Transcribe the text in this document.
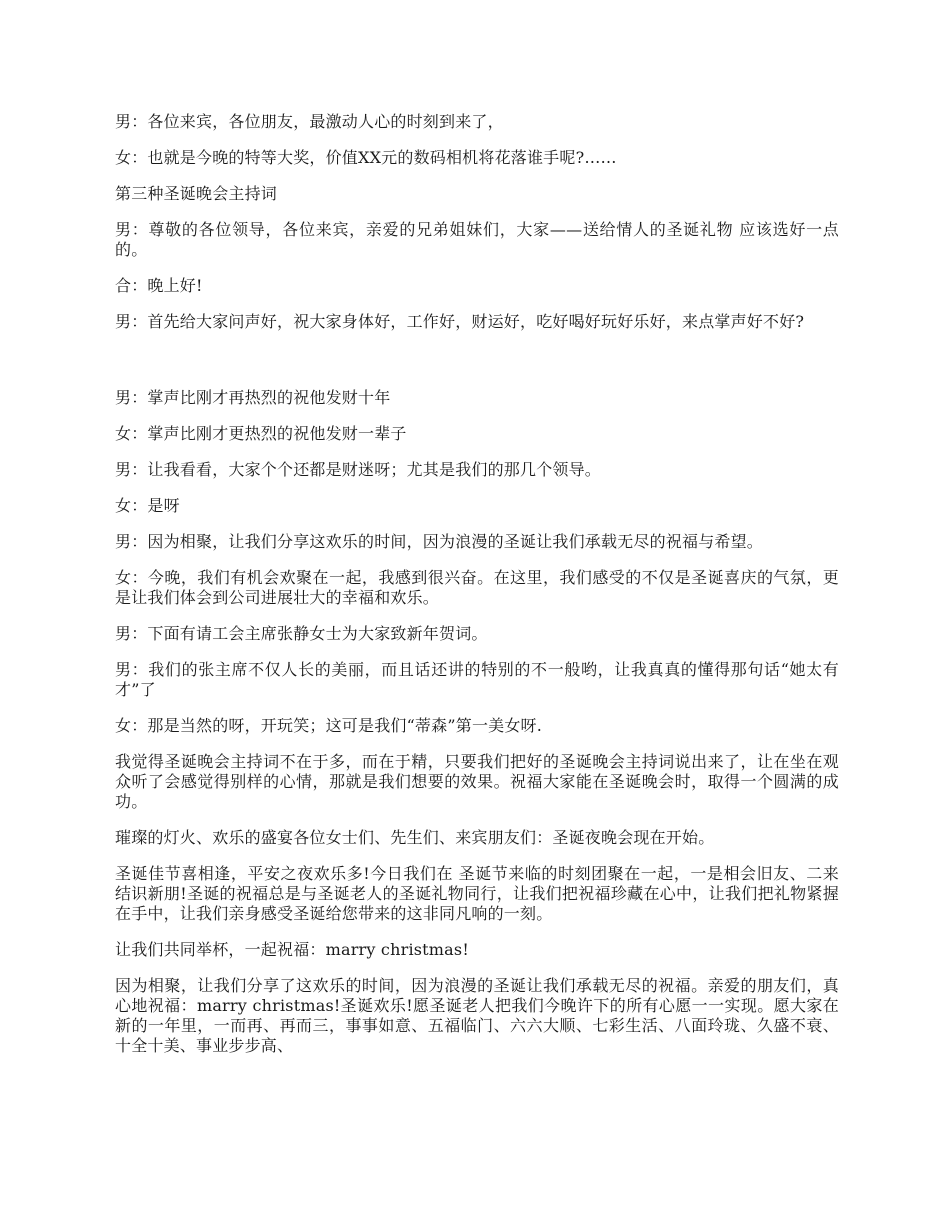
男：各位来宾，各位朋友，最激动人心的时刻到来了，

女：也就是今晚的特等大奖，价值XX元的数码相机将花落谁手呢?……

第三种圣诞晚会主持词

男：尊敬的各位领导，各位来宾，亲爱的兄弟姐妹们，大家——送给情人的圣诞礼物 应该选好一点的。

合：晚上好!

男：首先给大家问声好，祝大家身体好，工作好，财运好，吃好喝好玩好乐好，来点掌声好不好?

男：掌声比刚才再热烈的祝他发财十年

女：掌声比刚才更热烈的祝他发财一辈子

男：让我看看，大家个个还都是财迷呀；尤其是我们的那几个领导。

女：是呀

男：因为相聚，让我们分享这欢乐的时间，因为浪漫的圣诞让我们承载无尽的祝福与希望。

女：今晚，我们有机会欢聚在一起，我感到很兴奋。在这里，我们感受的不仅是圣诞喜庆的气氛，更是让我们体会到公司进展壮大的幸福和欢乐。

男：下面有请工会主席张静女士为大家致新年贺词。

男：我们的张主席不仅人长的美丽，而且话还讲的特别的不一般哟，让我真真的懂得那句话“她太有才”了

女：那是当然的呀，开玩笑；这可是我们“蒂森”第一美女呀.

我觉得圣诞晚会主持词不在于多，而在于精，只要我们把好的圣诞晚会主持词说出来了，让在坐在观众听了会感觉得别样的心情，那就是我们想要的效果。祝福大家能在圣诞晚会时，取得一个圆满的成功。

璀璨的灯火、欢乐的盛宴各位女士们、先生们、来宾朋友们：圣诞夜晚会现在开始。

圣诞佳节喜相逢，平安之夜欢乐多!今日我们在 圣诞节来临的时刻团聚在一起，一是相会旧友、二来结识新朋!圣诞的祝福总是与圣诞老人的圣诞礼物同行，让我们把祝福珍藏在心中，让我们把礼物紧握在手中，让我们亲身感受圣诞给您带来的这非同凡响的一刻。

让我们共同举杯，一起祝福：marry christmas!

因为相聚，让我们分享了这欢乐的时间，因为浪漫的圣诞让我们承载无尽的祝福。亲爱的朋友们，真心地祝福：marry christmas!圣诞欢乐!愿圣诞老人把我们今晚许下的所有心愿一一实现。愿大家在新的一年里，一而再、再而三，事事如意、五福临门、六六大顺、七彩生活、八面玲珑、久盛不衰、十全十美、事业步步高、
